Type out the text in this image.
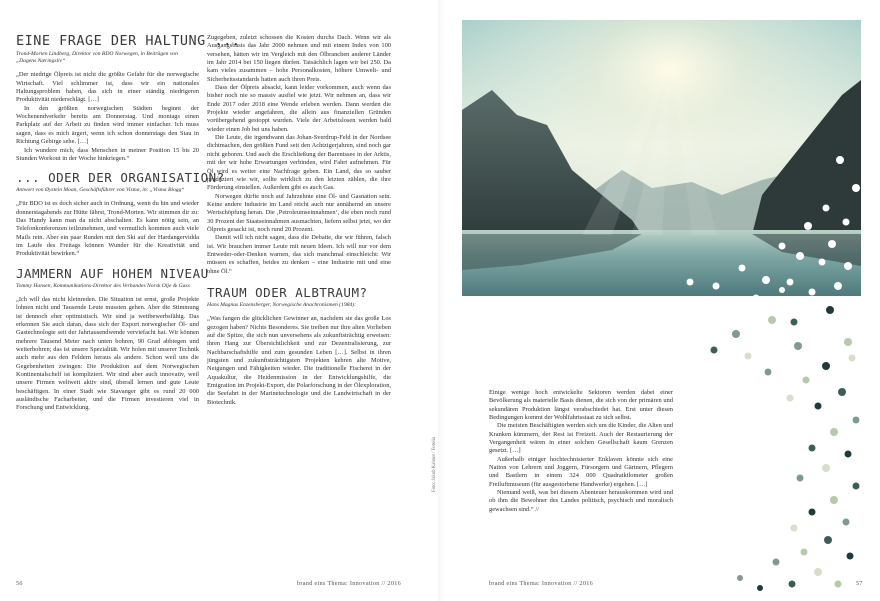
EINE FRAGE DER HALTUNG ...
Trond-Morten Lindberg, Direktor von BDO Norwegen, in Beiträgen von „Dagens Næringsliv“

„Der niedrige Ölpreis ist nicht die größte Gefahr für die norwegische Wirtschaft. Viel schlimmer ist, dass wir ein nationales Haltungsproblem haben, das sich in einer ständig niedrigeren Produktivität niederschlägt. […]

In den größten norwegischen Städten beginnt der Wochenendverkehr bereits am Donnerstag. Und montags einen Parkplatz auf der Arbeit zu finden wird immer einfacher. Ich muss sagen, dass es mich ärgert, wenn ich schon donnerstags den Stau in Richtung Gebirge sehe. […]

Ich wundere mich, dass Menschen in meiner Position 15 bis 20 Stunden Workout in der Woche hinkriegen.“

... ODER DER ORGANISATION?
Antwort von Øystein Moan, Geschäftsführer von Visma, in: „Visma Blogg“

„Für BDO ist es doch sicher auch in Ordnung, wenn du hin und wieder donnerstagabends zur Hütte fährst, Trond-Morten. Wir stimmen dir zu: Das Handy kann man da nicht abschalten. Es kann nötig sein, an Telefonkonferenzen teilzunehmen, und vermutlich kommen auch viele Mails rein. Aber ein paar Runden mit den Ski auf der Hardangervidda im Laufe des Freitags können Wunder für die Kreativität und Produktivität bewirken.“

JAMMERN AUF HOHEM NIVEAU
Tommy Hansen, Kommunikations-Direktor des Verbandes Norsk Olje & Gass

„Ich will das nicht kleinreden. Die Situation ist ernst, große Projekte lohnen nicht und Tausende Leute mussten gehen. Aber die Stimmung ist dennoch eher optimistisch. Wir sind ja wettbewerbsfähig. Das erkennen Sie auch daran, dass sich der Export norwegischer Öl- und Gastechnologie seit der Jahrtausendwende verviefacht hat. Wir können mehrere Tausend Meter nach unten bohren, 90 Grad abbiegen und weiterbohren; das ist unsere Spezialität. Wir holen mit unserer Technik auch mehr aus den Feldern heraus als andere. Schon weil uns die Gegebenheiten zwingen: Die Produktion auf dem Norwegischen Kontinentalschelf ist kompliziert. Wir sind aber auch innovativ, weil unsere Firmen weltweit aktiv sind, überall lernen und gute Leute beschäftigen. In einer Stadt wie Stavanger gibt es rund 20 000 ausländische Facharbeiter, und die Firmen investieren viel in Forschung und Entwicklung.

Zugegeben, zuletzt schossen die Kosten durchs Dach. Wenn wir als Ausgangsbasis das Jahr 2000 nehmen und mit einem Index von 100 versehen, hätten wir im Vergleich mit den Ölbranchen anderer Länder im Jahr 2014 bei 150 liegen dürfen. Tatsächlich lagen wir bei 250. Da kam vieles zusammen – hohe Personalkosten, höhere Umwelt- und Sicherheitsstandards hatten auch ihren Preis.

Dass der Ölpreis absackt, kann leider vorkommen, auch wenn das bisher noch nie so massiv ausfiel wie jetzt. Wir nehmen an, dass wir Ende 2017 oder 2018 eine Wende erleben werden. Dann werden die Projekte wieder angefahren, die allein aus finanziellen Gründen vorübergehend gestoppt wurden. Viele der Arbeitslosen werden bald wieder einen Job bei uns haben.

Die Leute, die irgendwann das Johan-Sverdrup-Feld in der Nordsee dichtmachen, den größten Fund seit den Achtzigerjahren, sind noch gar nicht geboren. Und auch die Erschließung der Barentssee in der Arktis, mit der wir hohe Erwartungen verbinden, wird Fahrt aufnehmen. Für Öl wird es weiter eine Nachfrage geben. Ein Land, das so sauber produziert wie wir, sollte wirklich zu den letzten zählen, die ihre Förderung einstellen. Außerdem gibt es auch Gas.

Norwegen dürfte noch auf Jahrzehnte eine Öl- und Gasnation sein. Keine andere Industrie im Land reicht auch nur annähernd an unsere Wertschöpfung heran. Die ‚Petroleumseinnahmen‘, die eben noch rund 30 Prozent der Staatseinnahmen ausmachten, liefern selbst jetzt, wo der Ölpreis gesackt ist, noch rund 20 Prozent.

Damit will ich nicht sagen, dass die Debatte, die wir führen, falsch ist. Wir brauchen immer Leute mit neuen Ideen. Ich will nur vor dem Entweder-oder-Denken warnen, das sich manchmal einschleicht: Wir müssen es schaffen, beides zu denken – eine Industrie mit und eine ohne Öl.“

TRAUM ODER ALBTRAUM?
Hans Magnus Enzensberger, Norwegische Anachronismen (1984):

„Was fangen die glücklichen Gewinner an, nachdem sie das große Los gezogen haben? Nichts Besonderes. Sie treiben nur ihre alten Vorlieben auf die Spitze, die sich nun unversehens als zukunftsträchtig erweisen: ihren Hang zur Übersichtlichkeit und zur Dezentralisierung, zur Nachbarschaftshilfe und zum gesunden Leben […]. Selbst in ihren jüngsten und zukunftsträchtigsten Projekten kehren alte Motive, Neigungen und Fähigkeiten wieder. Die traditionelle Fischerei in der Aquakultur, die Heidenmission in der Entwicklungshilfe, die Emigration im Projekt-Export, die Polarforschung in der Ölexploration, die Seefahrt in der Marinetechnologie und die Landwirtschaft in der Biotechnik.

56	brand eins Thema: Innovation // 2016
Foto: Jakob Kaboot / Fotolia

Einige wenige hoch entwickelte Sektoren werden dabei einer Bevölkerung als materielle Basis dienen, die sich von der primären und sekundären Produktion längst verabschiedet hat. Erst unter diesen Bedingungen kommt der Wohlfahrtsstaat zu sich selbst.

Die meisten Beschäftigten werden sich um die Kinder, die Alten und Kranken kümmern, der Rest ist Freizeit. Auch der Restaurierung der Vergangenheit wären in einer solchen Gesellschaft kaum Grenzen gesetzt. […]

Außerhalb einiger hochtechnisierter Enklaven könnte sich eine Nation von Lehrern und Joggern, Fürsorgern und Gärtnern, Pflegern und Bastlern in einem 324 000 Quadratkilometer großen Freiluftmuseum (für ausgestorbene Handwerke) ergehen. […]

Niemand weiß, was bei diesem Abenteuer herauskommen wird und ob ihm die Bewohner des Landes politisch, psychisch und moralisch gewachsen sind.“ //

brand eins Thema: Innovation // 2016	57
